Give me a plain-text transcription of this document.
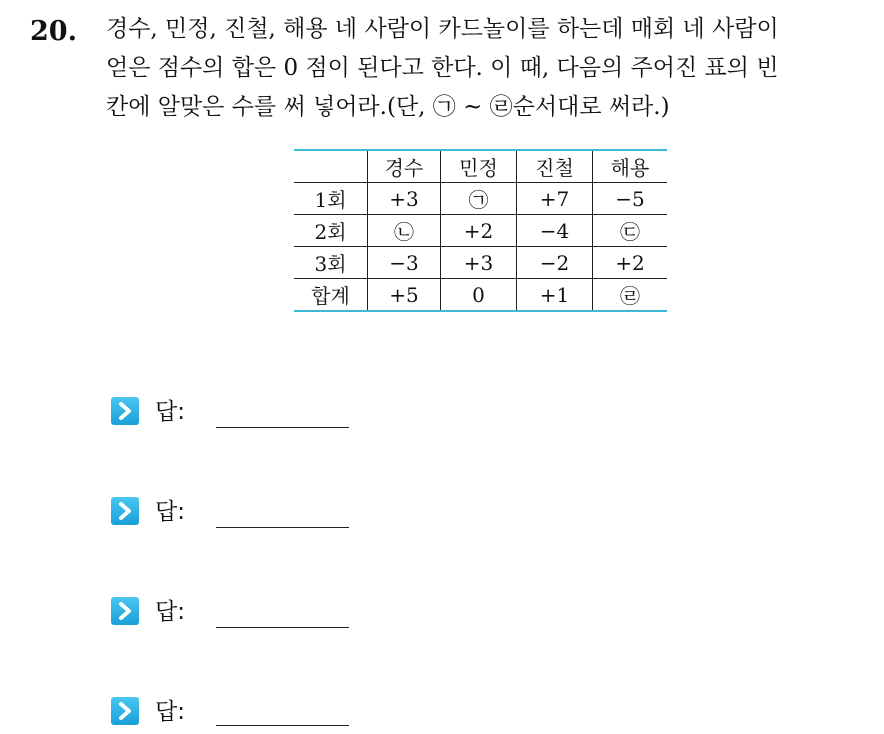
20. 경수, 민정, 진철, 해용 네 사람이 카드놀이를 하는데 매회 네 사람이
얻은 점수의 합은 0 점이 된다고 한다. 이 때, 다음의 주어진 표의 빈
칸에 알맞은 수를 써 넣어라.(단, ㉠ ~ ㉣순서대로 써라.)
	경수	민정	진철	해용
1회	+3	㉠	+7	−5
2회	㉡	+2	−4	㉢
3회	−3	+3	−2	+2
합계	+5	0	+1	㉣
답:
답:
답:
답:
